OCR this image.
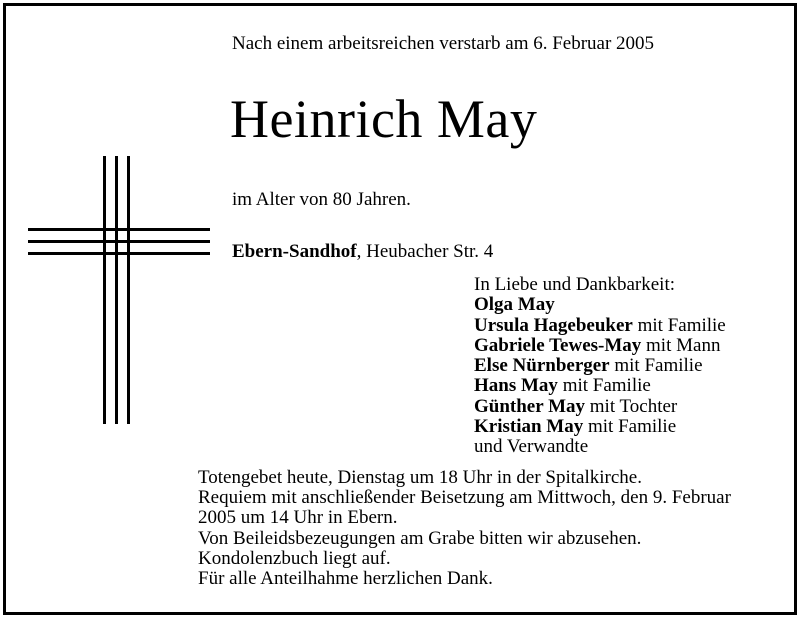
Nach einem arbeitsreichen verstarb am 6. Februar 2005
Heinrich May
im Alter von 80 Jahren.
Ebern-Sandhof, Heubacher Str. 4
In Liebe und Dankbarkeit:
Olga May
Ursula Hagebeuker mit Familie
Gabriele Tewes-May mit Mann
Else Nürnberger mit Familie
Hans May mit Familie
Günther May mit Tochter
Kristian May mit Familie
und Verwandte
Totengebet heute, Dienstag um 18 Uhr in der Spitalkirche.
Requiem mit anschließender Beisetzung am Mittwoch, den 9. Februar
2005 um 14 Uhr in Ebern.
Von Beileidsbezeugungen am Grabe bitten wir abzusehen.
Kondolenzbuch liegt auf.
Für alle Anteilhahme herzlichen Dank.
